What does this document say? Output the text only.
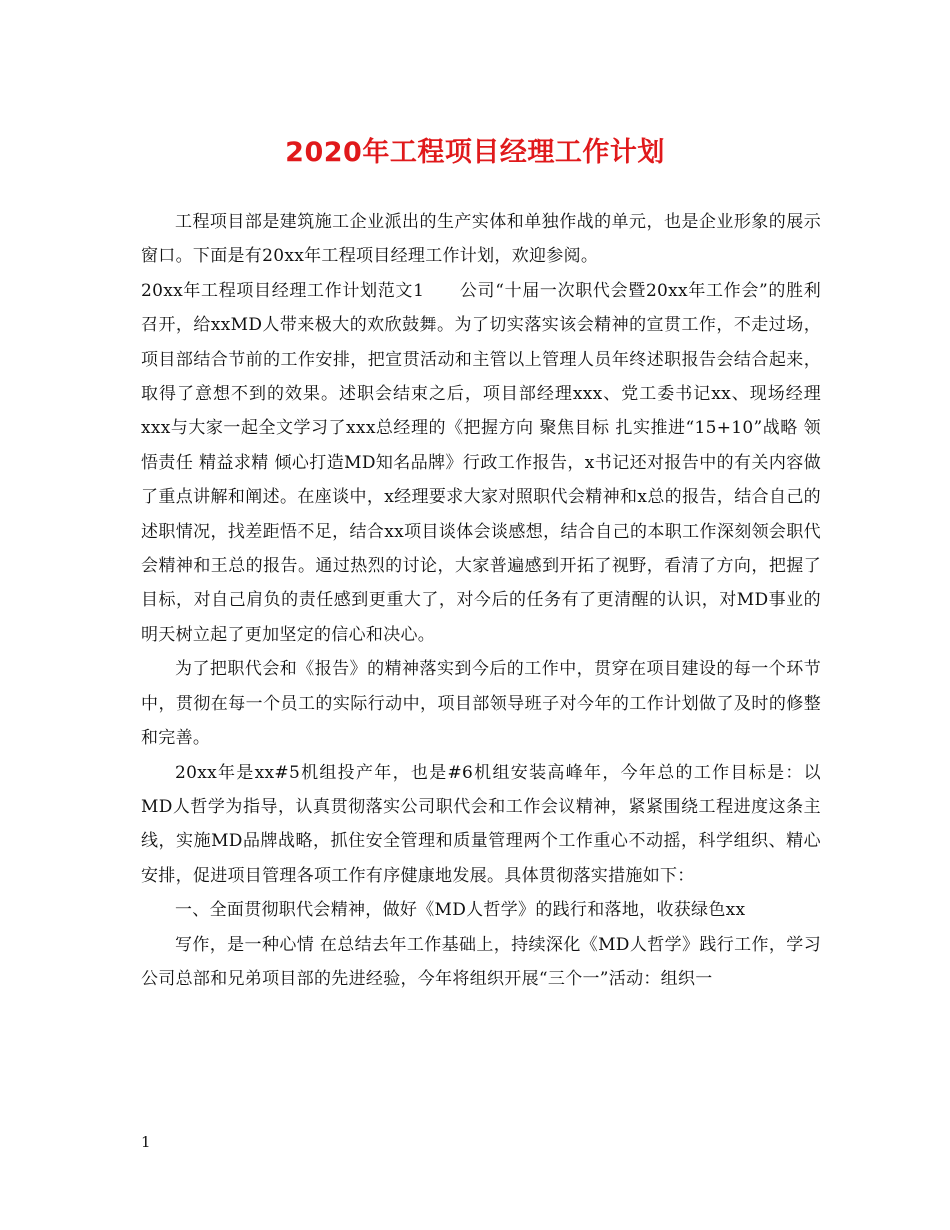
2020年工程项目经理工作计划

工程项目部是建筑施工企业派出的生产实体和单独作战的单元，也是企业形象的展示窗口。下面是有20xx年工程项目经理工作计划，欢迎参阅。

20xx年工程项目经理工作计划范文1　　公司“十届一次职代会暨20xx年工作会”的胜利召开，给xxMD人带来极大的欢欣鼓舞。为了切实落实该会精神的宣贯工作，不走过场，项目部结合节前的工作安排，把宣贯活动和主管以上管理人员年终述职报告会结合起来，取得了意想不到的效果。述职会结束之后，项目部经理xxx、党工委书记xx、现场经理xxx与大家一起全文学习了xxx总经理的《把握方向 聚焦目标 扎实推进“15+10”战略 领悟责任 精益求精 倾心打造MD知名品牌》行政工作报告，x书记还对报告中的有关内容做了重点讲解和阐述。在座谈中，x经理要求大家对照职代会精神和x总的报告，结合自己的述职情况，找差距悟不足，结合xx项目谈体会谈感想，结合自己的本职工作深刻领会职代会精神和王总的报告。通过热烈的讨论，大家普遍感到开拓了视野，看清了方向，把握了目标，对自己肩负的责任感到更重大了，对今后的任务有了更清醒的认识，对MD事业的明天树立起了更加坚定的信心和决心。

为了把职代会和《报告》的精神落实到今后的工作中，贯穿在项目建设的每一个环节中，贯彻在每一个员工的实际行动中，项目部领导班子对今年的工作计划做了及时的修整和完善。

20xx年是xx#5机组投产年，也是#6机组安装高峰年，今年总的工作目标是：以MD人哲学为指导，认真贯彻落实公司职代会和工作会议精神，紧紧围绕工程进度这条主线，实施MD品牌战略，抓住安全管理和质量管理两个工作重心不动摇，科学组织、精心安排，促进项目管理各项工作有序健康地发展。具体贯彻落实措施如下：

一、全面贯彻职代会精神，做好《MD人哲学》的践行和落地，收获绿色xx

写作，是一种心情 在总结去年工作基础上，持续深化《MD人哲学》践行工作，学习公司总部和兄弟项目部的先进经验，今年将组织开展“三个一”活动：组织一

1
